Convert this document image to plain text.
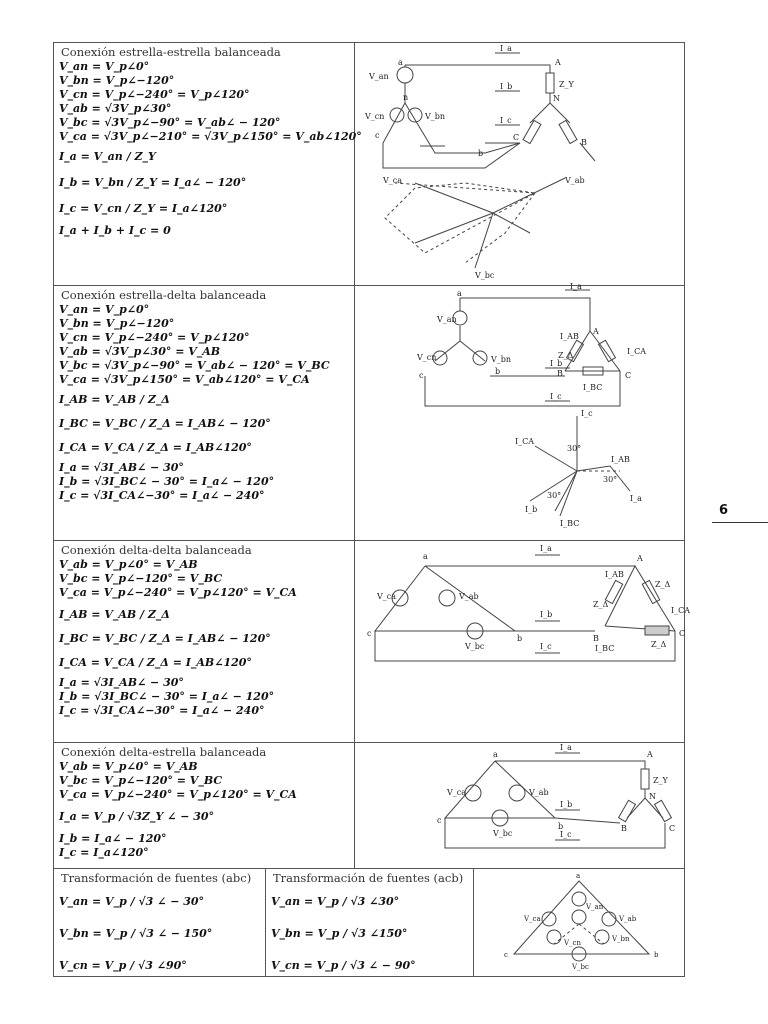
Conexión estrella-estrella balanceada
V_an = V_p∠0°
V_bn = V_p∠−120°
V_cn = V_p∠−240° = V_p∠120°
V_ab = √3V_p∠30°
V_bc = √3V_p∠−90° = V_ab∠ − 120°
V_ca = √3V_p∠−210° = √3V_p∠150° = V_ab∠120°
I_a = V_an / Z_Y
I_b = V_bn / Z_Y = I_a∠ − 120°
I_c = V_cn / Z_Y = I_a∠120°
I_a + I_b + I_c = 0
a	A
N
B
C
b
c
n
I_a
I_b
I_c
Z_Y
V_an
V_bn
V_cn
V_ab
V_bc
V_ca
Conexión estrella-delta balanceada
V_an = V_p∠0°
V_bn = V_p∠−120°
V_cn = V_p∠−240° = V_p∠120°
V_ab = √3V_p∠30° = V_AB
V_bc = √3V_p∠−90° = V_ab∠ − 120° = V_BC
V_ca = √3V_p∠150° = V_ab∠120° = V_CA
I_AB = V_AB / Z_Δ
I_BC = V_BC / Z_Δ = I_AB∠ − 120°
I_CA = V_CA / Z_Δ = I_AB∠120°
I_a = √3I_AB∠ − 30°
I_b = √3I_BC∠ − 30° = I_a∠ − 120°
I_c = √3I_CA∠−30° = I_a∠ − 240°
a
A
B	C
b
c
I_a
I_b
I_c
I_AB
I_BC
I_CA
Z_Δ
V_an
V_bn
V_cn
I_c
I_CA
I_AB
I_a
I_b
I_BC
30°
30°
30°
Conexión delta-delta balanceada
V_ab = V_p∠0° = V_AB
V_bc = V_p∠−120° = V_BC
V_ca = V_p∠−240° = V_p∠120° = V_CA
I_AB = V_AB / Z_Δ
I_BC = V_BC / Z_Δ = I_AB∠ − 120°
I_CA = V_CA / Z_Δ = I_AB∠120°
I_a = √3I_AB∠ − 30°
I_b = √3I_BC∠ − 30° = I_a∠ − 120°
I_c = √3I_CA∠−30° = I_a∠ − 240°
a	A
B
C
b
c
I_a
I_b
I_c
I_AB
I_BC
I_CA
Z_Δ
Z_Δ
Z_Δ
V_ab
V_bc
V_ca
Conexión delta-estrella balanceada
V_ab = V_p∠0° = V_AB
V_bc = V_p∠−120° = V_BC
V_ca = V_p∠−240° = V_p∠120° = V_CA
I_a = V_p / √3Z_Y ∠ − 30°
I_b = I_a∠ − 120°
I_c = I_a∠120°
a	A
N
B	C
b
c
I_a
I_b
I_c
Z_Y
V_ab
V_bc
V_ca
Transformación de fuentes (abc)
V_an = V_p / √3 ∠ − 30°
V_bn = V_p / √3 ∠ − 150°
V_cn = V_p / √3 ∠90°
Transformación de fuentes (acb)
V_an = V_p / √3 ∠30°
V_bn = V_p / √3 ∠150°
V_cn = V_p / √3 ∠ − 90°
a
b
c
V_an
V_bn
V_cn
V_ab
V_bc
V_ca
6
